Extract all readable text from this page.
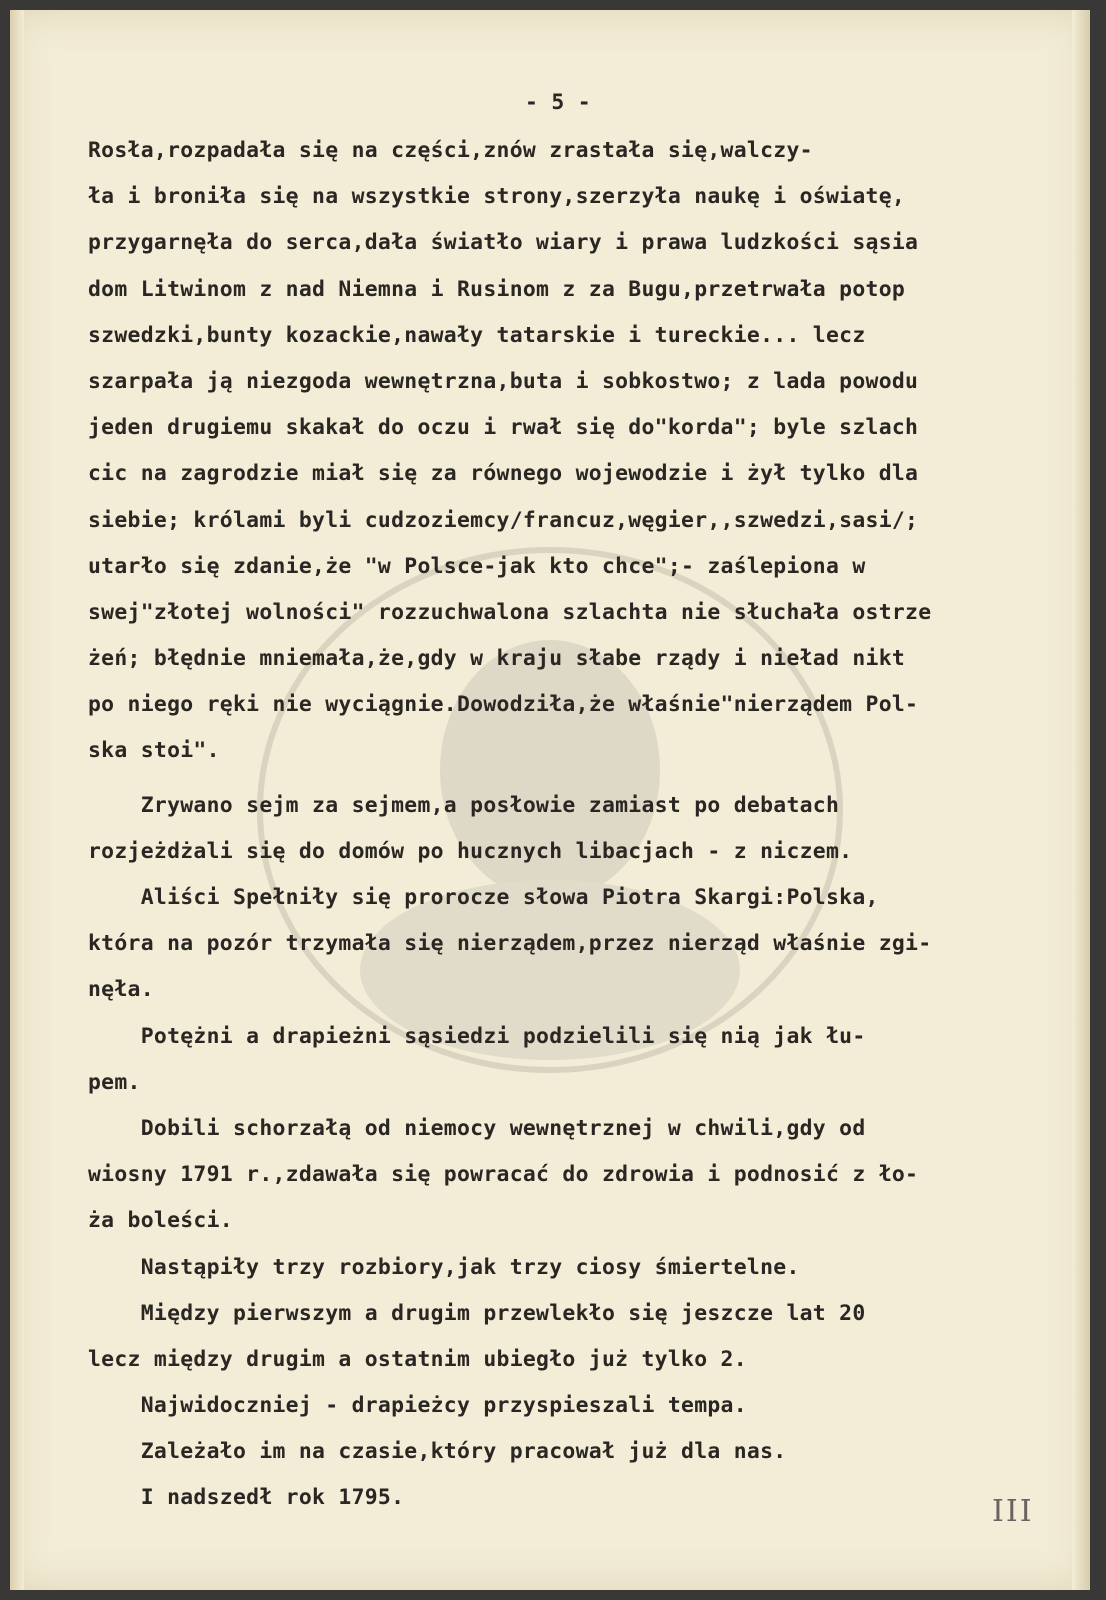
- 5 -
Rosła,rozpadała się na części,znów zrastała się,walczy-
ła i broniła się na wszystkie strony,szerzyła naukę i oświatę,
przygarnęła do serca,dała światło wiary i prawa ludzkości sąsia
dom Litwinom z nad Niemna i Rusinom z za Bugu,przetrwała potop
szwedzki,bunty kozackie,nawały tatarskie i tureckie... lecz
szarpała ją niezgoda wewnętrzna,buta i sobkostwo; z lada powodu
jeden drugiemu skakał do oczu i rwał się do"korda"; byle szlach
cic na zagrodzie miał się za równego wojewodzie i żył tylko dla
siebie; królami byli cudzoziemcy/francuz,węgier,,szwedzi,sasi/;
utarło się zdanie,że "w Polsce-jak kto chce";- zaślepiona w
swej"złotej wolności" rozzuchwalona szlachta nie słuchała ostrze
żeń; błędnie mniemała,że,gdy w kraju słabe rządy i nieład nikt
po niego ręki nie wyciągnie.Dowodziła,że właśnie"nierządem Pol-
ska stoi".
Zrywano sejm za sejmem,a posłowie zamiast po debatach
rozjeżdżali się do domów po hucznych libacjach - z niczem.
Aliści Spełniły się prorocze słowa Piotra Skargi:Polska,
która na pozór trzymała się nierządem,przez nierząd właśnie zgi-
nęła.
Potężni a drapieżni sąsiedzi podzielili się nią jak łu-
pem.
Dobili schorzałą od niemocy wewnętrznej w chwili,gdy od
wiosny 1791 r.,zdawała się powracać do zdrowia i podnosić z ło-
ża boleści.
Nastąpiły trzy rozbiory,jak trzy ciosy śmiertelne.
Między pierwszym a drugim przewlekło się jeszcze lat 20
lecz między drugim a ostatnim ubiegło już tylko 2.
Najwidoczniej - drapieżcy przyspieszali tempa.
Zależało im na czasie,który pracował już dla nas.
I nadszedł rok 1795.	III
